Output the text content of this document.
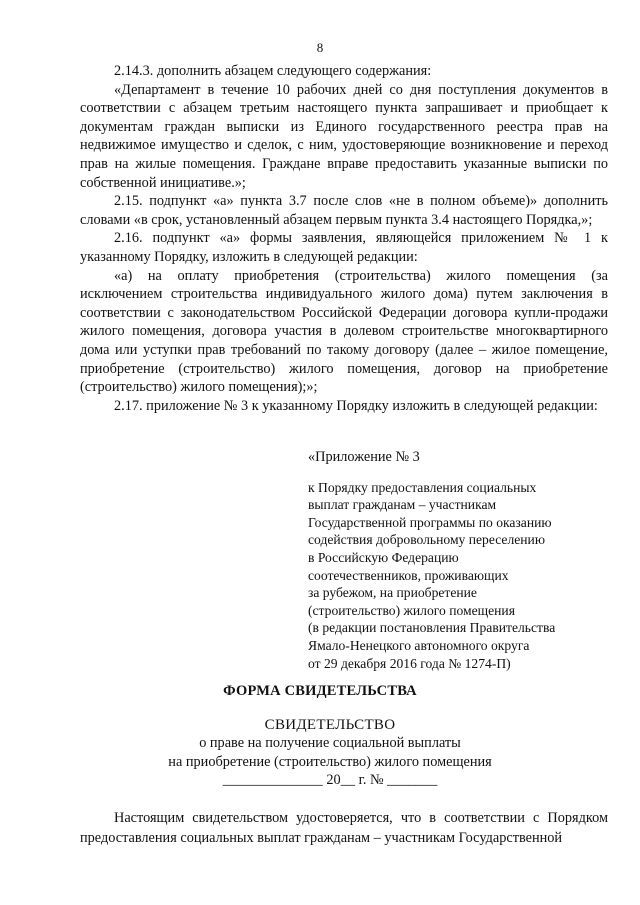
8

2.14.3. дополнить абзацем следующего содержания:

«Департамент в течение 10 рабочих дней со дня поступления документов в соответствии с абзацем третьим настоящего пункта запрашивает и приобщает к документам граждан выписки из Единого государственного реестра прав на недвижимое имущество и сделок, с ним, удостоверяющие возникновение и переход прав на жилые помещения. Граждане вправе предоставить указанные выписки по собственной инициативе.»;

2.15. подпункт «а» пункта 3.7 после слов «не в полном объеме)» дополнить словами «в срок, установленный абзацем первым пункта 3.4 настоящего Порядка,»;

2.16. подпункт «а» формы заявления, являющейся приложением № 1 к указанному Порядку, изложить в следующей редакции:

«а) на оплату приобретения (строительства) жилого помещения (за исключением строительства индивидуального жилого дома) путем заключения в соответствии с законодательством Российской Федерации договора купли-продажи жилого помещения, договора участия в долевом строительстве многоквартирного дома или уступки прав требований по такому договору (далее – жилое помещение, приобретение (строительство) жилого помещения, договор на приобретение (строительство) жилого помещения);»;

2.17. приложение № 3 к указанному Порядку изложить в следующей редакции:

«Приложение № 3

к Порядку предоставления социальных
выплат гражданам – участникам
Государственной программы по оказанию
содействия добровольному переселению
в Российскую Федерацию
соотечественников, проживающих
за рубежом, на приобретение
(строительство) жилого помещения
(в редакции постановления Правительства
Ямало-Ненецкого автономного округа
от 29 декабря 2016 года № 1274-П)

ФОРМА СВИДЕТЕЛЬСТВА
СВИДЕТЕЛЬСТВО
о праве на получение социальной выплаты
на приобретение (строительство) жилого помещения
______________ 20__ г. № _______

Настоящим свидетельством удостоверяется, что в соответствии с Порядком предоставления социальных выплат гражданам – участникам Государственной
